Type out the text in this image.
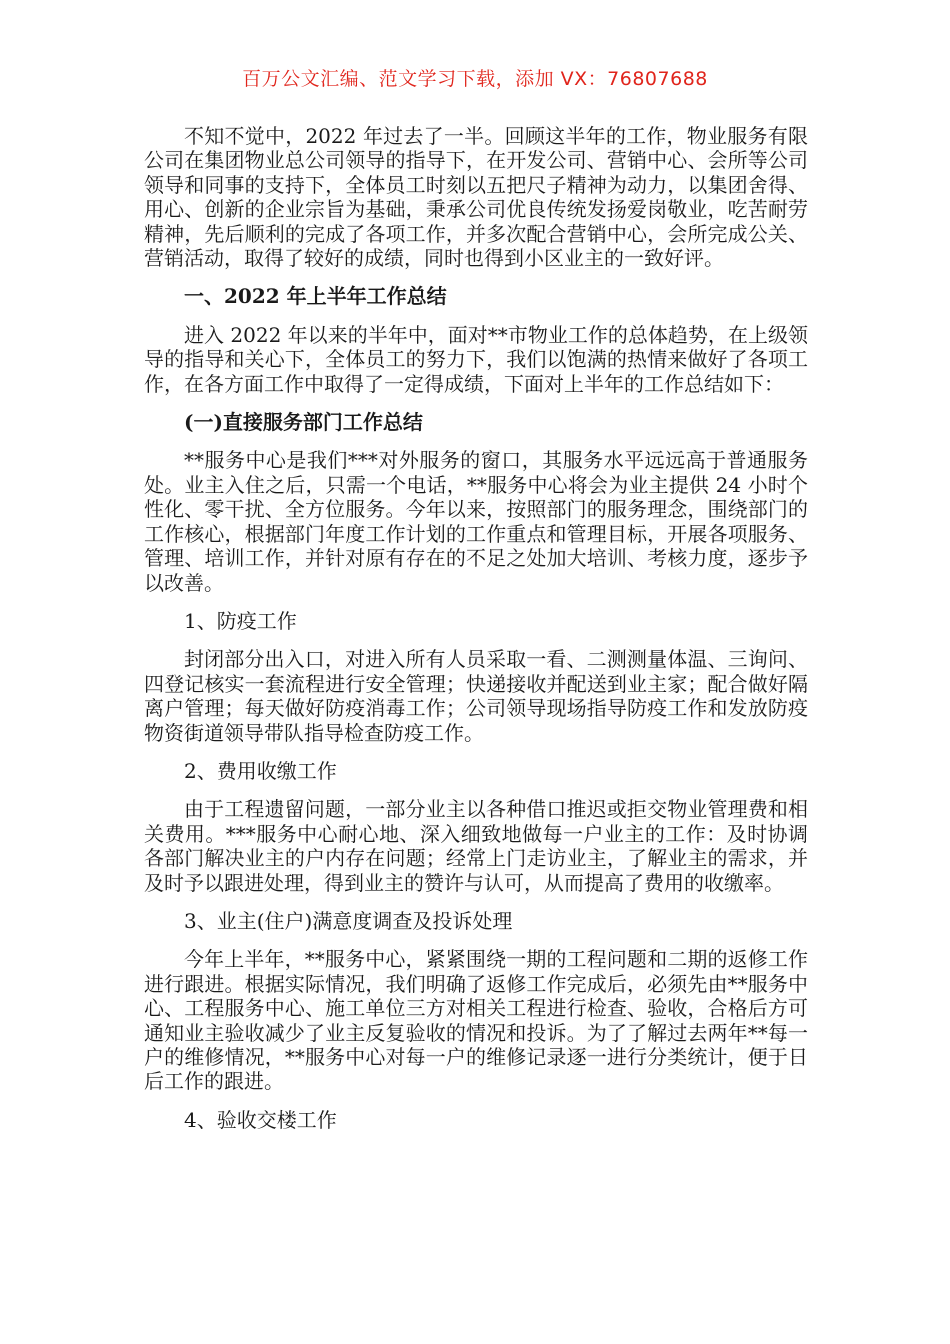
百万公文汇编、范文学习下载，添加 VX：76807688

不知不觉中，2022 年过去了一半。回顾这半年的工作，物业服务有限公司在集团物业总公司领导的指导下，在开发公司、营销中心、会所等公司领导和同事的支持下，全体员工时刻以五把尺子精神为动力，以集团舍得、用心、创新的企业宗旨为基础，秉承公司优良传统发扬爱岗敬业，吃苦耐劳精神，先后顺利的完成了各项工作，并多次配合营销中心，会所完成公关、营销活动，取得了较好的成绩，同时也得到小区业主的一致好评。

一、2022 年上半年工作总结

进入 2022 年以来的半年中，面对**市物业工作的总体趋势，在上级领导的指导和关心下，全体员工的努力下，我们以饱满的热情来做好了各项工作，在各方面工作中取得了一定得成绩，下面对上半年的工作总结如下：

(一)直接服务部门工作总结

**服务中心是我们***对外服务的窗口，其服务水平远远高于普通服务处。业主入住之后，只需一个电话，**服务中心将会为业主提供 24 小时个性化、零干扰、全方位服务。今年以来，按照部门的服务理念，围绕部门的工作核心，根据部门年度工作计划的工作重点和管理目标，开展各项服务、管理、培训工作，并针对原有存在的不足之处加大培训、考核力度，逐步予以改善。

1、防疫工作

封闭部分出入口，对进入所有人员采取一看、二测测量体温、三询问、四登记核实一套流程进行安全管理；快递接收并配送到业主家；配合做好隔离户管理；每天做好防疫消毒工作；公司领导现场指导防疫工作和发放防疫物资街道领导带队指导检查防疫工作。

2、费用收缴工作

由于工程遗留问题，一部分业主以各种借口推迟或拒交物业管理费和相关费用。***服务中心耐心地、深入细致地做每一户业主的工作：及时协调各部门解决业主的户内存在问题；经常上门走访业主，了解业主的需求，并及时予以跟进处理，得到业主的赞许与认可，从而提高了费用的收缴率。

3、业主(住户)满意度调查及投诉处理

今年上半年，**服务中心，紧紧围绕一期的工程问题和二期的返修工作进行跟进。根据实际情况，我们明确了返修工作完成后，必须先由**服务中心、工程服务中心、施工单位三方对相关工程进行检查、验收，合格后方可通知业主验收减少了业主反复验收的情况和投诉。为了了解过去两年**每一户的维修情况，**服务中心对每一户的维修记录逐一进行分类统计，便于日后工作的跟进。

4、验收交楼工作
